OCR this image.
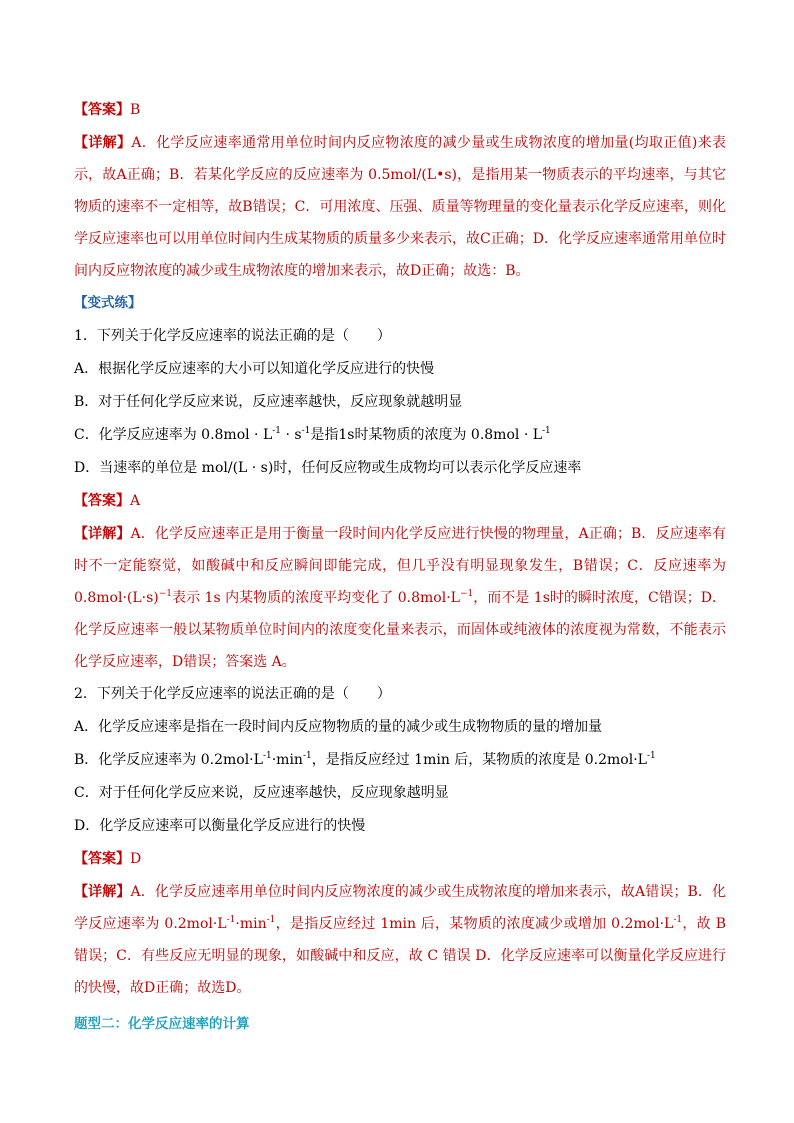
【答案】B
【详解】A．化学反应速率通常用单位时间内反应物浓度的减少量或生成物浓度的增加量(均取正值)来表示，故A正确；B．若某化学反应的反应速率为 0.5mol/(L•s)，是指用某一物质表示的平均速率，与其它物质的速率不一定相等，故B错误；C．可用浓度、压强、质量等物理量的变化量表示化学反应速率，则化学反应速率也可以用单位时间内生成某物质的质量多少来表示，故C正确；D．化学反应速率通常用单位时间内反应物浓度的减少或生成物浓度的增加来表示，故D正确；故选：B。
【变式练】
1．下列关于化学反应速率的说法正确的是（　　）
A．根据化学反应速率的大小可以知道化学反应进行的快慢
B．对于任何化学反应来说，反应速率越快，反应现象就越明显
C．化学反应速率为 $0.8mol \cdot L^{-1} \cdot s^{-1}$是指1s时某物质的浓度为 $0.8mol \cdot L^{-1}$
D．当速率的单位是 mol/(L · s)时，任何反应物或生成物均可以表示化学反应速率
【答案】A
【详解】A．化学反应速率正是用于衡量一段时间内化学反应进行快慢的物理量，A正确；B．反应速率有时不一定能察觉，如酸碱中和反应瞬间即能完成，但几乎没有明显现象发生，B错误；C．反应速率为$0.8mol\cdot(L\cdot s)^{-1}$表示 1s 内某物质的浓度平均变化了 $0.8mol\cdot L^{-1}$，而不是 1s时的瞬时浓度，C错误；D．化学反应速率一般以某物质单位时间内的浓度变化量来表示，而固体或纯液体的浓度视为常数，不能表示化学反应速率，D错误；答案选 A。
2．下列关于化学反应速率的说法正确的是（　　）
A．化学反应速率是指在一段时间内反应物物质的量的减少或生成物物质的量的增加量
B．化学反应速率为 $0.2mol\cdot L^{-1}\cdot\min^{-1}$，是指反应经过 1min 后，某物质的浓度是 $0.2mol\cdot L^{-1}$
C．对于任何化学反应来说，反应速率越快，反应现象越明显
D．化学反应速率可以衡量化学反应进行的快慢
【答案】D
【详解】A．化学反应速率用单位时间内反应物浓度的减少或生成物浓度的增加来表示，故A错误；B．化学反应速率为 $0.2mol\cdot L^{-1}\cdot\min^{-1}$，是指反应经过 1min 后，某物质的浓度减少或增加 $0.2mol\cdot L^{-1}$，故 B 错误；C．有些反应无明显的现象，如酸碱中和反应，故 C 错误 D．化学反应速率可以衡量化学反应进行的快慢，故D正确；故选D。
题型二：化学反应速率的计算
